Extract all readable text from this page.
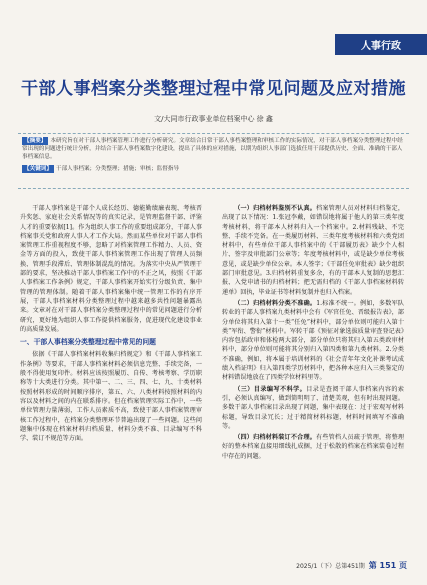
人事行政
干部人事档案分类整理过程中常见问题及应对措施
文/大同市行政事业单位档案中心 徐 鑫
【摘要】 本研究旨在对干部人事档案管理工作进行分析研究。文章结合日常干部人事档案整理和审核工作的实际情况，对干部人事档案分类整理过程中经常出现的问题进行统计分析，并结合干部人事档案数字化建设，提出了具体的应对措施，以期为组织人事部门选拔任用干部提供历史、全面、准确的干部人事档案信息。
【关键词】 干部人事档案；分类整理；措施；审核；监督指导

干部人事档案是干部个人成长经历、德能勤绩廉表现、考核晋升奖惩、家庭社会关系情况等的真实记录，是管理监督干部、评鉴人才的重要依据[1]。作为组织人事工作的重要组成部分，干部人事档案事关党和政府人事人才工作大局。然而某些单位对干部人事档案管理工作重视程度不够，忽略了对档案管理工作精力、人员、资金等方面的投入，致使干部人事档案管理工作出现了管理人员频换、管理手段滞后、管理体制混乱的情况。为落实中央从严管理干部的要求，坚决推动干部人事档案工作中的不正之风，按照《干部人事档案工作条例》规定，干部人事档案开始实行分级负责、集中管理的管理体制。随着干部人事档案集中统一管理工作的有序开展，干部人事档案材料分类整理过程中越来越多共性问题暴露出来。文章对在对干部人事档案分类整理过程中的常见问题进行分析研究，更好地为组织人事工作提供档案服务，促进现代化建设事业的高质量发展。

一、干部人事档案分类整理过程中常见的问题

依据《干部人事档案材料收集归档规定》和《干部人事档案工作条例》等要求，干部人事档案材料必须信息完整、手续完备，一般不得使用复印件。材料应该按照履历、自传、考核考察、学历职称等十大类进行分类。其中第一、二、三、四、七、九、十类材料按照材料形成的时间顺序排序，第五、六、八类材料按照材料的内容以及材料之间的内在联系排序。但在档案管理实际工作中，一些单位管理力量薄弱，工作人员素质不高，致使干部人事档案管理审核工作过程中，在档案分类整理环节普遍出现了一些问题。这些问题集中体现在档案材料归档质量、材料分类不准、目录编写不科学、装订不规范等方面。

（一）归档材料鉴别不认真。档案管理人员对材料归档鉴定，出现了以下情况：1.张冠李戴，如错误地将属于他人的第三类年度考核材料，将干部本人材料归入一个档案中。2.材料残缺、不完整、手续不完备。在一类履历材料、三类年度考核材料和六类党团材料中，有些单位干部人事档案中的《干部履历表》缺少个人相片、签字及审批部门公章等；年度考核材料中，或是缺少单位考核意见，或是缺少单位公章。本人签字；《干部任免审批表》缺少组织部门审批意见。3.归档材料重复多余，有的干部本人复制的思想汇报、入党申请书的归档材料；把无需归档的《干部人事档案材料转递单》回执，毕业证书等材料复制并也归入档案。

（二）归档材料分类不准确。1.标准不统一。例如，多数军队转业的干部人事档案九类材料中会有《军官任免、晋级报告表》，部分单位将其归入第十一类“任免”材料中，部分单位则可能归入第十类“军衔、警衔”材料中。军转干部《预征对象选拔质量审查登记表》内容包括政审和体检两大部分，部分单位只将其归入第五类政审材料中，部分单位则可能将其分别归入第四类和第九类材料。2.分类不准确，例如，将本属于培训材料的《社会青年年文化补课考试成绩入档证明》归入第四类学历材料中，把各种本应归入三类鉴定的材料错误地放在了四类学位材料里等。

（三）目录编写不科学。目录是查阅干部人事档案内容的索引，必须认真编写，做到简明明了、清楚美观，但有时出现问题。多数干部人事档案目录出现了问题，集中表现在：过于宏观写材料标题，导致目录冗长；过于精简材料标题，材料时间填写不准确等。

（四）归档材料装订不合理。有些管档人员疏于管理，将整理好的整本档案直接用细线扎成捆，过于松散的档案在档案装卷过程中存在的问题。

2025/1（下）总第451期 第 151 页
